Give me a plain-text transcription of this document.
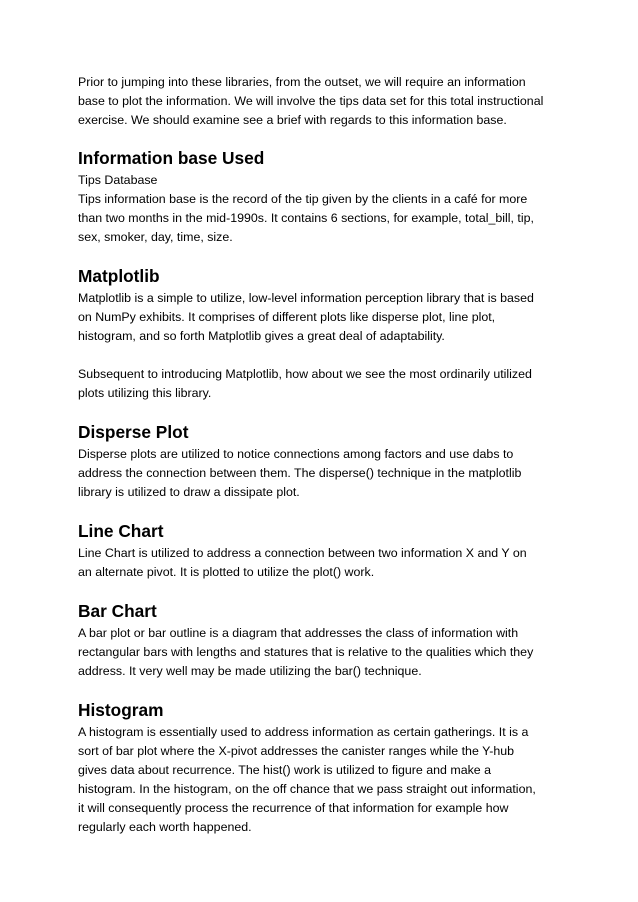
Prior to jumping into these libraries, from the outset, we will require an information
base to plot the information. We will involve the tips data set for this total instructional
exercise. We should examine see a brief with regards to this information base.

Information base Used

Tips Database
Tips information base is the record of the tip given by the clients in a café for more
than two months in the mid-1990s. It contains 6 sections, for example, total_bill, tip,
sex, smoker, day, time, size.

Matplotlib

Matplotlib is a simple to utilize, low-level information perception library that is based
on NumPy exhibits. It comprises of different plots like disperse plot, line plot,
histogram, and so forth Matplotlib gives a great deal of adaptability.

Subsequent to introducing Matplotlib, how about we see the most ordinarily utilized
plots utilizing this library.

Disperse Plot

Disperse plots are utilized to notice connections among factors and use dabs to
address the connection between them. The disperse() technique in the matplotlib
library is utilized to draw a dissipate plot.

Line Chart

Line Chart is utilized to address a connection between two information X and Y on
an alternate pivot. It is plotted to utilize the plot() work.

Bar Chart

A bar plot or bar outline is a diagram that addresses the class of information with
rectangular bars with lengths and statures that is relative to the qualities which they
address. It very well may be made utilizing the bar() technique.

Histogram

A histogram is essentially used to address information as certain gatherings. It is a
sort of bar plot where the X-pivot addresses the canister ranges while the Y-hub
gives data about recurrence. The hist() work is utilized to figure and make a
histogram. In the histogram, on the off chance that we pass straight out information,
it will consequently process the recurrence of that information for example how
regularly each worth happened.
